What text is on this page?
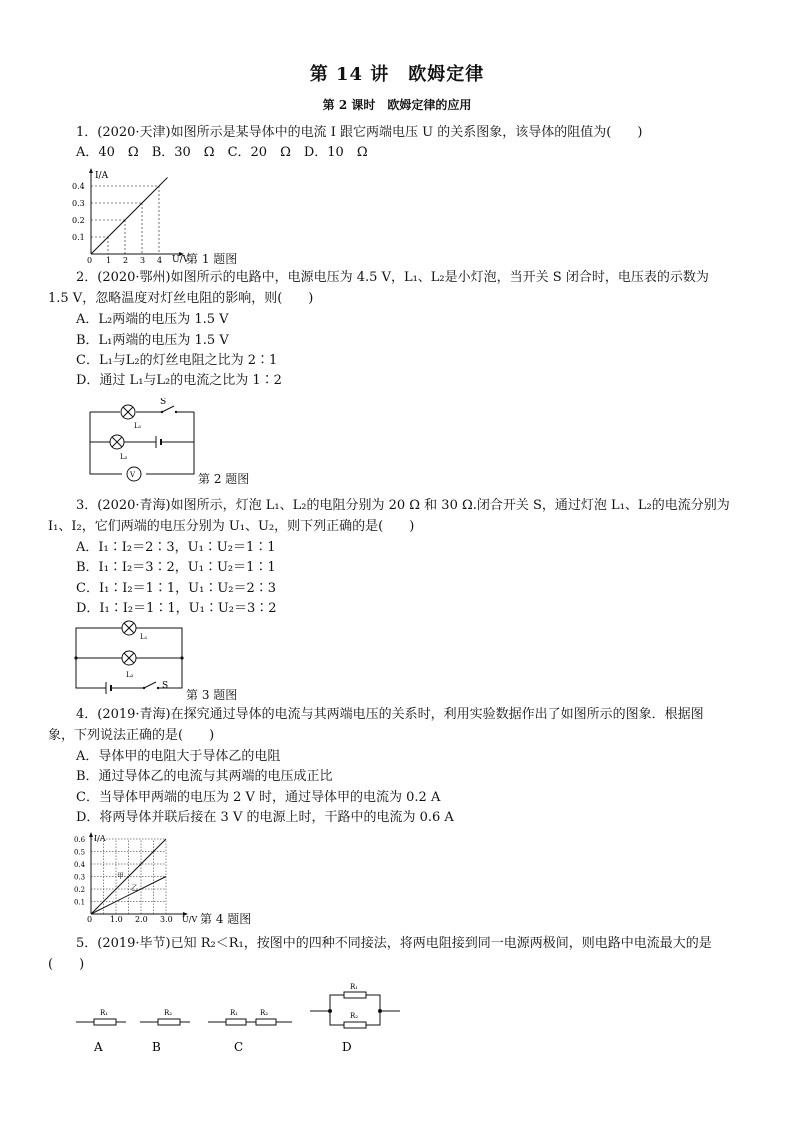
第 14 讲　欧姆定律
第 2 课时　欧姆定律的应用
1．(2020·天津)如图所示是某导体中的电流 I 跟它两端电压 U 的关系图象，该导体的阻值为(　　)
A．40　Ω　B．30　Ω　C．20　Ω　D．10　Ω
0.1
0.2
0.3
0.4
0 1 2 3 4
I/A
U/V
第 1 题图
2．(2020·鄂州)如图所示的电路中，电源电压为 4.5 V，L₁、L₂是小灯泡，当开关 S 闭合时，电压表的示数为
1.5 V，忽略温度对灯丝电阻的影响，则(　　)
A．L₂两端的电压为 1.5 V
B．L₁两端的电压为 1.5 V
C．L₁与L₂的灯丝电阻之比为 2∶1
D．通过 L₁与L₂的电流之比为 1∶2
S
L₁
L₂
V	第 2 题图
3．(2020·青海)如图所示，灯泡 L₁、L₂的电阻分别为 20 Ω 和 30 Ω.闭合开关 S，通过灯泡 L₁、L₂的电流分别为
I₁、I₂，它们两端的电压分别为 U₁、U₂，则下列正确的是(　　)
A．I₁∶I₂＝2∶3，U₁∶U₂＝1∶1
B．I₁∶I₂＝3∶2，U₁∶U₂＝1∶1
C．I₁∶I₂＝1∶1，U₁∶U₂＝2∶3
D．I₁∶I₂＝1∶1，U₁∶U₂＝3∶2
L₁
L₂
S
第 3 题图
4．(2019·青海)在探究通过导体的电流与其两端电压的关系时，利用实验数据作出了如图所示的图象．根据图
象，下列说法正确的是(　　)
A．导体甲的电阻大于导体乙的电阻
B．通过导体乙的电流与其两端的电压成正比
C．当导体甲两端的电压为 2 V 时，通过导体甲的电流为 0.2 A
D．将两导体并联后接在 3 V 的电源上时，干路中的电流为 0.6 A
0.1
0.2
0.3
0.4
0.5
0.6
0 1.0 2.0 3.0
I/A
U/V
甲
乙
第 4 题图
5．(2019·毕节)已知 R₂＜R₁，按图中的四种不同接法，将两电阻接到同一电源两极间，则电路中电流最大的是
(　　)
R₁	R₂	R₁	R₂
R₁
R₂
A	B	C	D
